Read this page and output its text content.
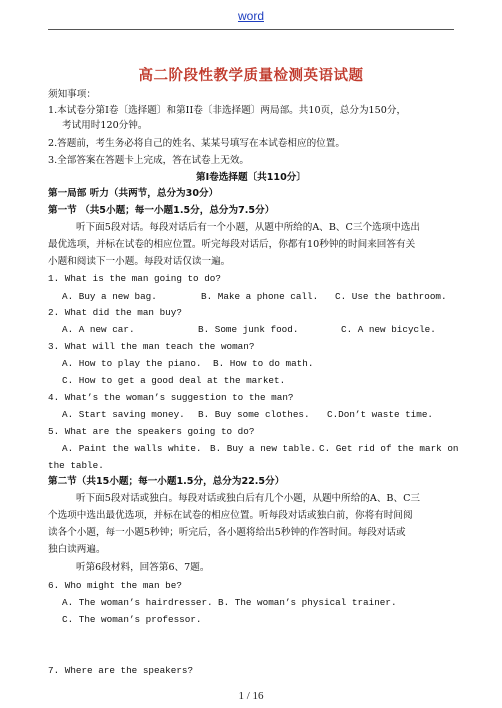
word
高二阶段性教学质量检测英语试题
须知事项：
1.本试卷分第Ⅰ卷〔选择题〕和第II卷〔非选择题〕两局部。共10页，总分为150分，
考试用时120分钟。
2.答题前，考生务必将自己的姓名、某某号填写在本试卷相应的位置。
3.全部答案在答题卡上完成，答在试卷上无效。
第Ⅰ卷选择题〔共110分〕
第一局部 听力（共两节，总分为30分）
第一节 （共5小题；每一小题1.5分，总分为7.5分）
听下面5段对话。每段对话后有一个小题，从题中所给的A、B、C三个选项中选出
最优选项，并标在试卷的相应位置。听完每段对话后，你都有10秒钟的时间来回答有关
小题和阅读下一小题。每段对话仅读一遍。
1. What is the man going to do?
A. Buy a new bag.	B. Make a phone call. C. Use the bathroom.
2. What did the man buy?
A. A new car.	B. Some junk food.	C. A new bicycle.
3. What will the man teach the woman?
A. How to play the piano. B. How to do math.
C. How to get a good deal at the market.
4. What’s the woman’s suggestion to the man?
A. Start saving money. B. Buy some clothes. C.Don’t waste time.
5. What are the speakers going to do?
A. Paint the walls white. B. Buy a new table. C. Get rid of the mark on
the table.
第二节（共15小题；每一小题1.5分，总分为22.5分）
听下面5段对话或独白。每段对话或独白后有几个小题，从题中所给的A、B、C三
个选项中选出最优选项，并标在试卷的相应位置。听每段对话或独白前，你将有时间阅
读各个小题，每一小题5秒钟；听完后，各小题将给出5秒钟的作答时间。每段对话或
独白读两遍。
听第6段材料，回答第6、7题。
6. Who might the man be?
A. The woman’s hairdresser. B. The woman’s physical trainer.
C. The woman’s professor.
7. Where are the speakers?
1 / 16
